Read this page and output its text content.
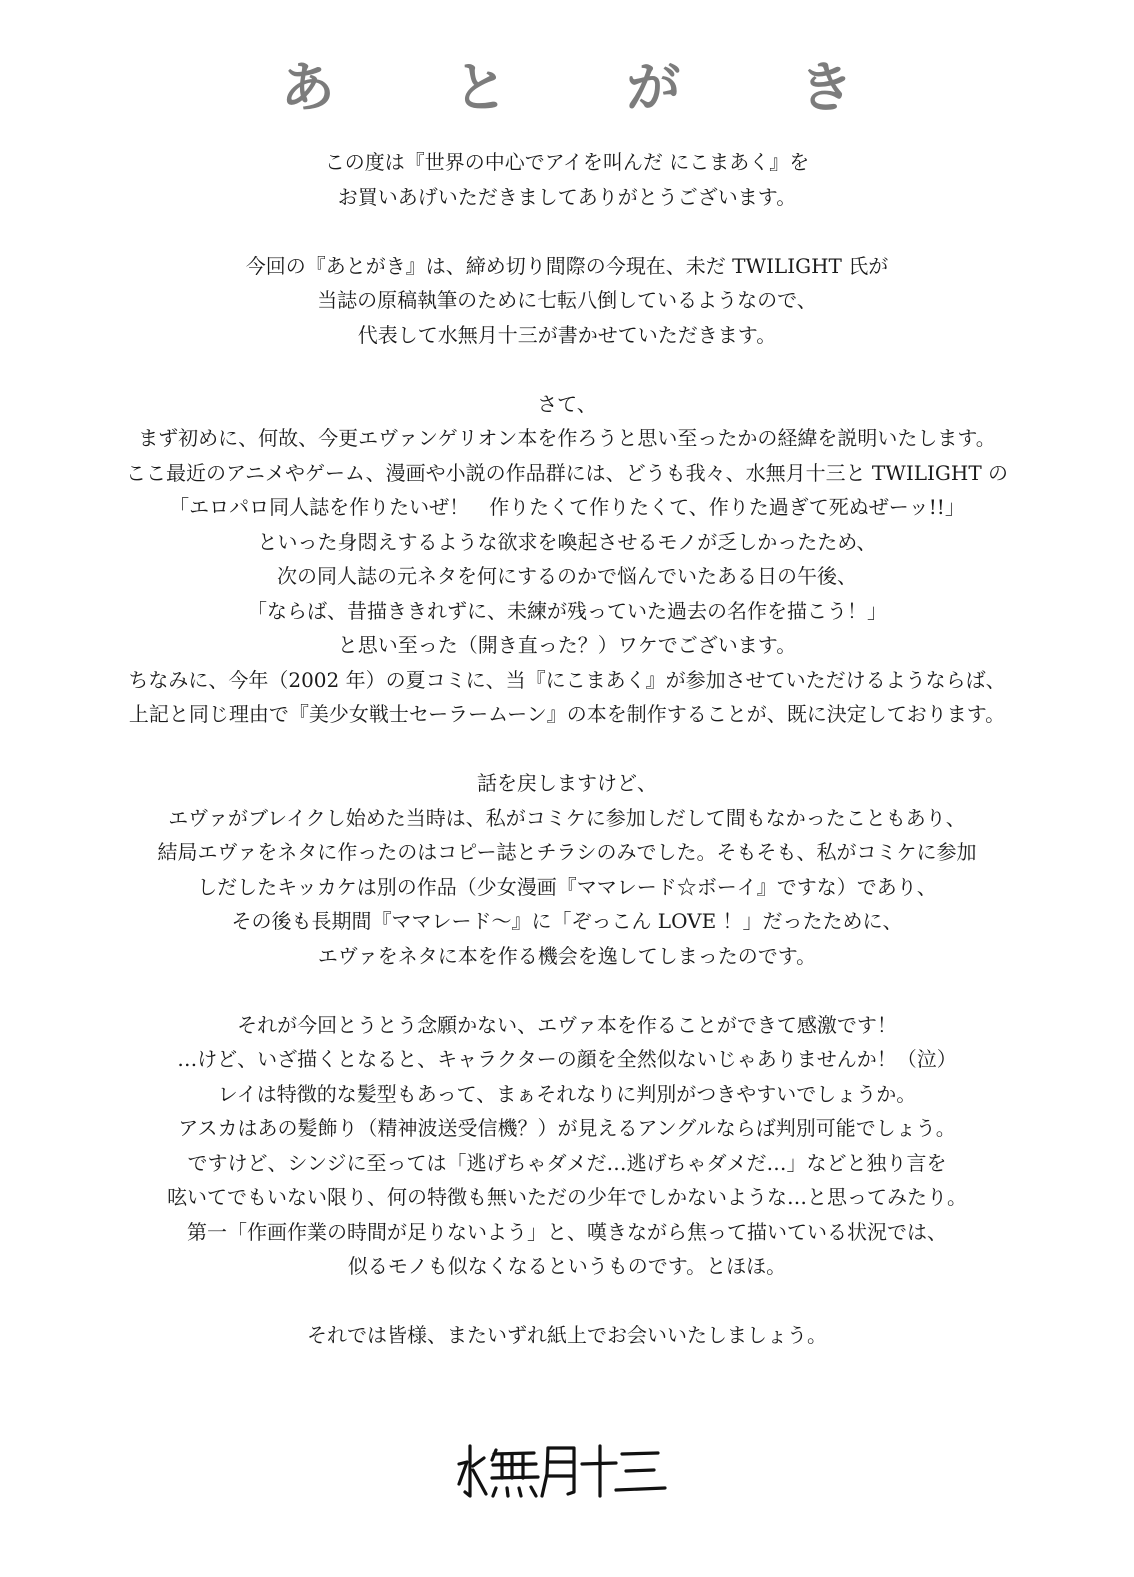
あ と が き

この度は『世界の中心でアイを叫んだ にこまあく』を
お買いあげいただきましてありがとうございます。

今回の『あとがき』は、締め切り間際の今現在、未だ TWILIGHT 氏が
当誌の原稿執筆のために七転八倒しているようなので、
代表して水無月十三が書かせていただきます。

さて、
まず初めに、何故、今更エヴァンゲリオン本を作ろうと思い至ったかの経緯を説明いたします。
ここ最近のアニメやゲーム、漫画や小説の作品群には、どうも我々、水無月十三と TWILIGHT の
「エロパロ同人誌を作りたいぜ！　作りたくて作りたくて、作りた過ぎて死ぬぜーッ!!」
といった身悶えするような欲求を喚起させるモノが乏しかったため、
次の同人誌の元ネタを何にするのかで悩んでいたある日の午後、
「ならば、昔描ききれずに、未練が残っていた過去の名作を描こう！」
と思い至った（開き直った？）ワケでございます。
ちなみに、今年（2002 年）の夏コミに、当『にこまあく』が参加させていただけるようならば、
上記と同じ理由で『美少女戦士セーラームーン』の本を制作することが、既に決定しております。

話を戻しますけど、
エヴァがブレイクし始めた当時は、私がコミケに参加しだして間もなかったこともあり、
結局エヴァをネタに作ったのはコピー誌とチラシのみでした。そもそも、私がコミケに参加
しだしたキッカケは別の作品（少女漫画『ママレード☆ボーイ』ですな）であり、
その後も長期間『ママレード〜』に「ぞっこん LOVE ！」だったために、
エヴァをネタに本を作る機会を逸してしまったのです。

それが今回とうとう念願かない、エヴァ本を作ることができて感激です！
…けど、いざ描くとなると、キャラクターの顔を全然似ないじゃありませんか！（泣）
レイは特徴的な髪型もあって、まぁそれなりに判別がつきやすいでしょうか。
アスカはあの髪飾り（精神波送受信機？）が見えるアングルならば判別可能でしょう。
ですけど、シンジに至っては「逃げちゃダメだ…逃げちゃダメだ…」などと独り言を
呟いてでもいない限り、何の特徴も無いただの少年でしかないような…と思ってみたり。
第一「作画作業の時間が足りないよう」と、嘆きながら焦って描いている状況では、
似るモノも似なくなるというものです。とほほ。

それでは皆様、またいずれ紙上でお会いいたしましょう。
